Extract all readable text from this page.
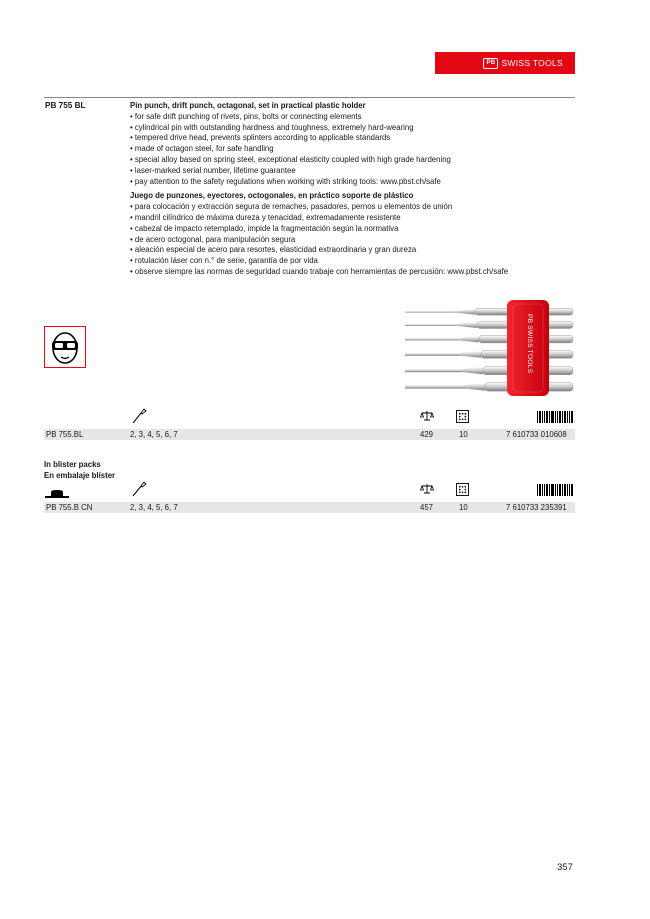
PB SWISS TOOLS
PB 755 BL	Pin punch, drift punch, octagonal, set in practical plastic holder
• for safe drift punching of rivets, pins, bolts or connecting elements
• cylindrical pin with outstanding hardness and toughness, extremely hard-wearing
• tempered drive head, prevents splinters according to applicable standards
• made of octagon steel, for safe handling
• special alloy based on spring steel, exceptional elasticity coupled with high grade hardening
• laser-marked serial number, lifetime guarantee
• pay attention to the safety regulations when working with striking tools: www.pbst.ch/safe
Juego de punzones, eyectores, octogonales, en práctico soporte de plástico
• para colocación y extracción segura de remaches, pasadores, pernos u elementos de unión
• mandril cilíndrico de máxima dureza y tenacidad, extremadamente resistente
• cabezal de impacto retemplado, impide la fragmentación según la normativa
• de acero octogonal, para manipulación segura
• aleación especial de acero para resortes, elasticidad extraordinaria y gran dureza
• rotulación láser con n.° de serie, garantía de por vida
• observe siempre las normas de seguridad cuando trabaje con herramientas de percusión: www.pbst.ch/safe
PB SWISS TOOLS
PB 755.BL	2, 3, 4, 5, 6, 7	429	10	7 610733 010608
In blister packs
En embalaje blíster
PB 755.B CN	2, 3, 4, 5, 6, 7	457	10	7 610733 235391
357
